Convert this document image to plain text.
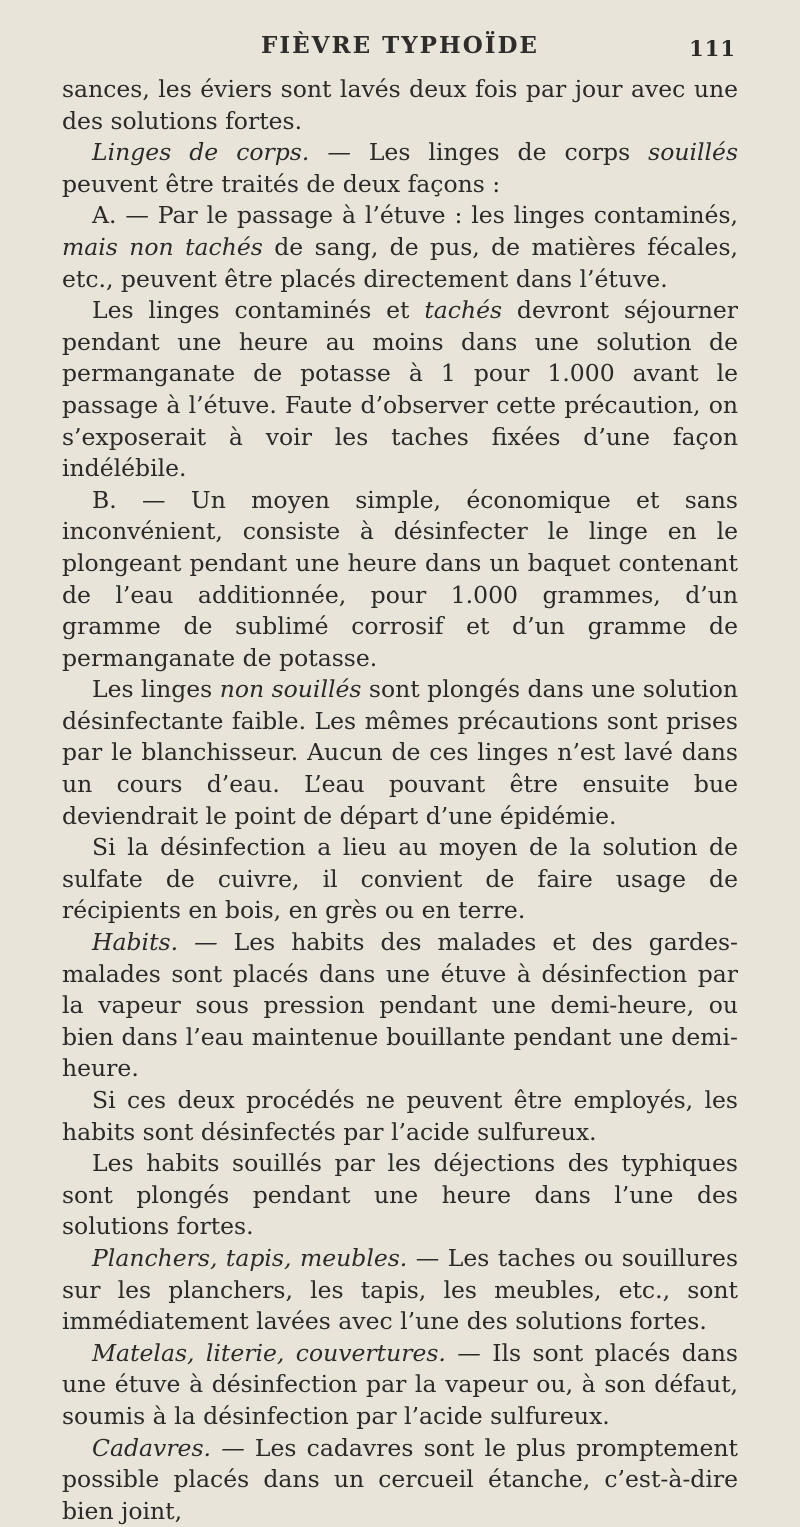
FIÈVRE TYPHOÏDE	111

sances, les éviers sont lavés deux fois par jour avec une des solutions fortes.

Linges de corps. — Les linges de corps souillés peuvent être traités de deux façons :

A. — Par le passage à l’étuve : les linges contaminés, mais non tachés de sang, de pus, de matières fécales, etc., peuvent être placés directement dans l’étuve.

Les linges contaminés et tachés devront séjourner pendant une heure au moins dans une solution de permanganate de potasse à 1 pour 1.000 avant le passage à l’étuve. Faute d’observer cette précaution, on s’exposerait à voir les taches fixées d’une façon indélébile.

B. — Un moyen simple, économique et sans inconvénient, consiste à désinfecter le linge en le plongeant pendant une heure dans un baquet contenant de l’eau additionnée, pour 1.000 grammes, d’un gramme de sublimé corrosif et d’un gramme de permanganate de potasse.

Les linges non souillés sont plongés dans une solution désinfectante faible. Les mêmes précautions sont prises par le blanchisseur. Aucun de ces linges n’est lavé dans un cours d’eau. L’eau pouvant être ensuite bue deviendrait le point de départ d’une épidémie.

Si la désinfection a lieu au moyen de la solution de sulfate de cuivre, il convient de faire usage de récipients en bois, en grès ou en terre.

Habits. — Les habits des malades et des gardes-malades sont placés dans une étuve à désinfection par la vapeur sous pression pendant une demi-heure, ou bien dans l’eau maintenue bouillante pendant une demi-heure.

Si ces deux procédés ne peuvent être employés, les habits sont désinfectés par l’acide sulfureux.

Les habits souillés par les déjections des typhiques sont plongés pendant une heure dans l’une des solutions fortes.

Planchers, tapis, meubles. — Les taches ou souillures sur les planchers, les tapis, les meubles, etc., sont immédiatement lavées avec l’une des solutions fortes.

Matelas, literie, couvertures. — Ils sont placés dans une étuve à désinfection par la vapeur ou, à son défaut, soumis à la désinfection par l’acide sulfureux.

Cadavres. — Les cadavres sont le plus promptement possible placés dans un cercueil étanche, c’est-à-dire bien joint,
